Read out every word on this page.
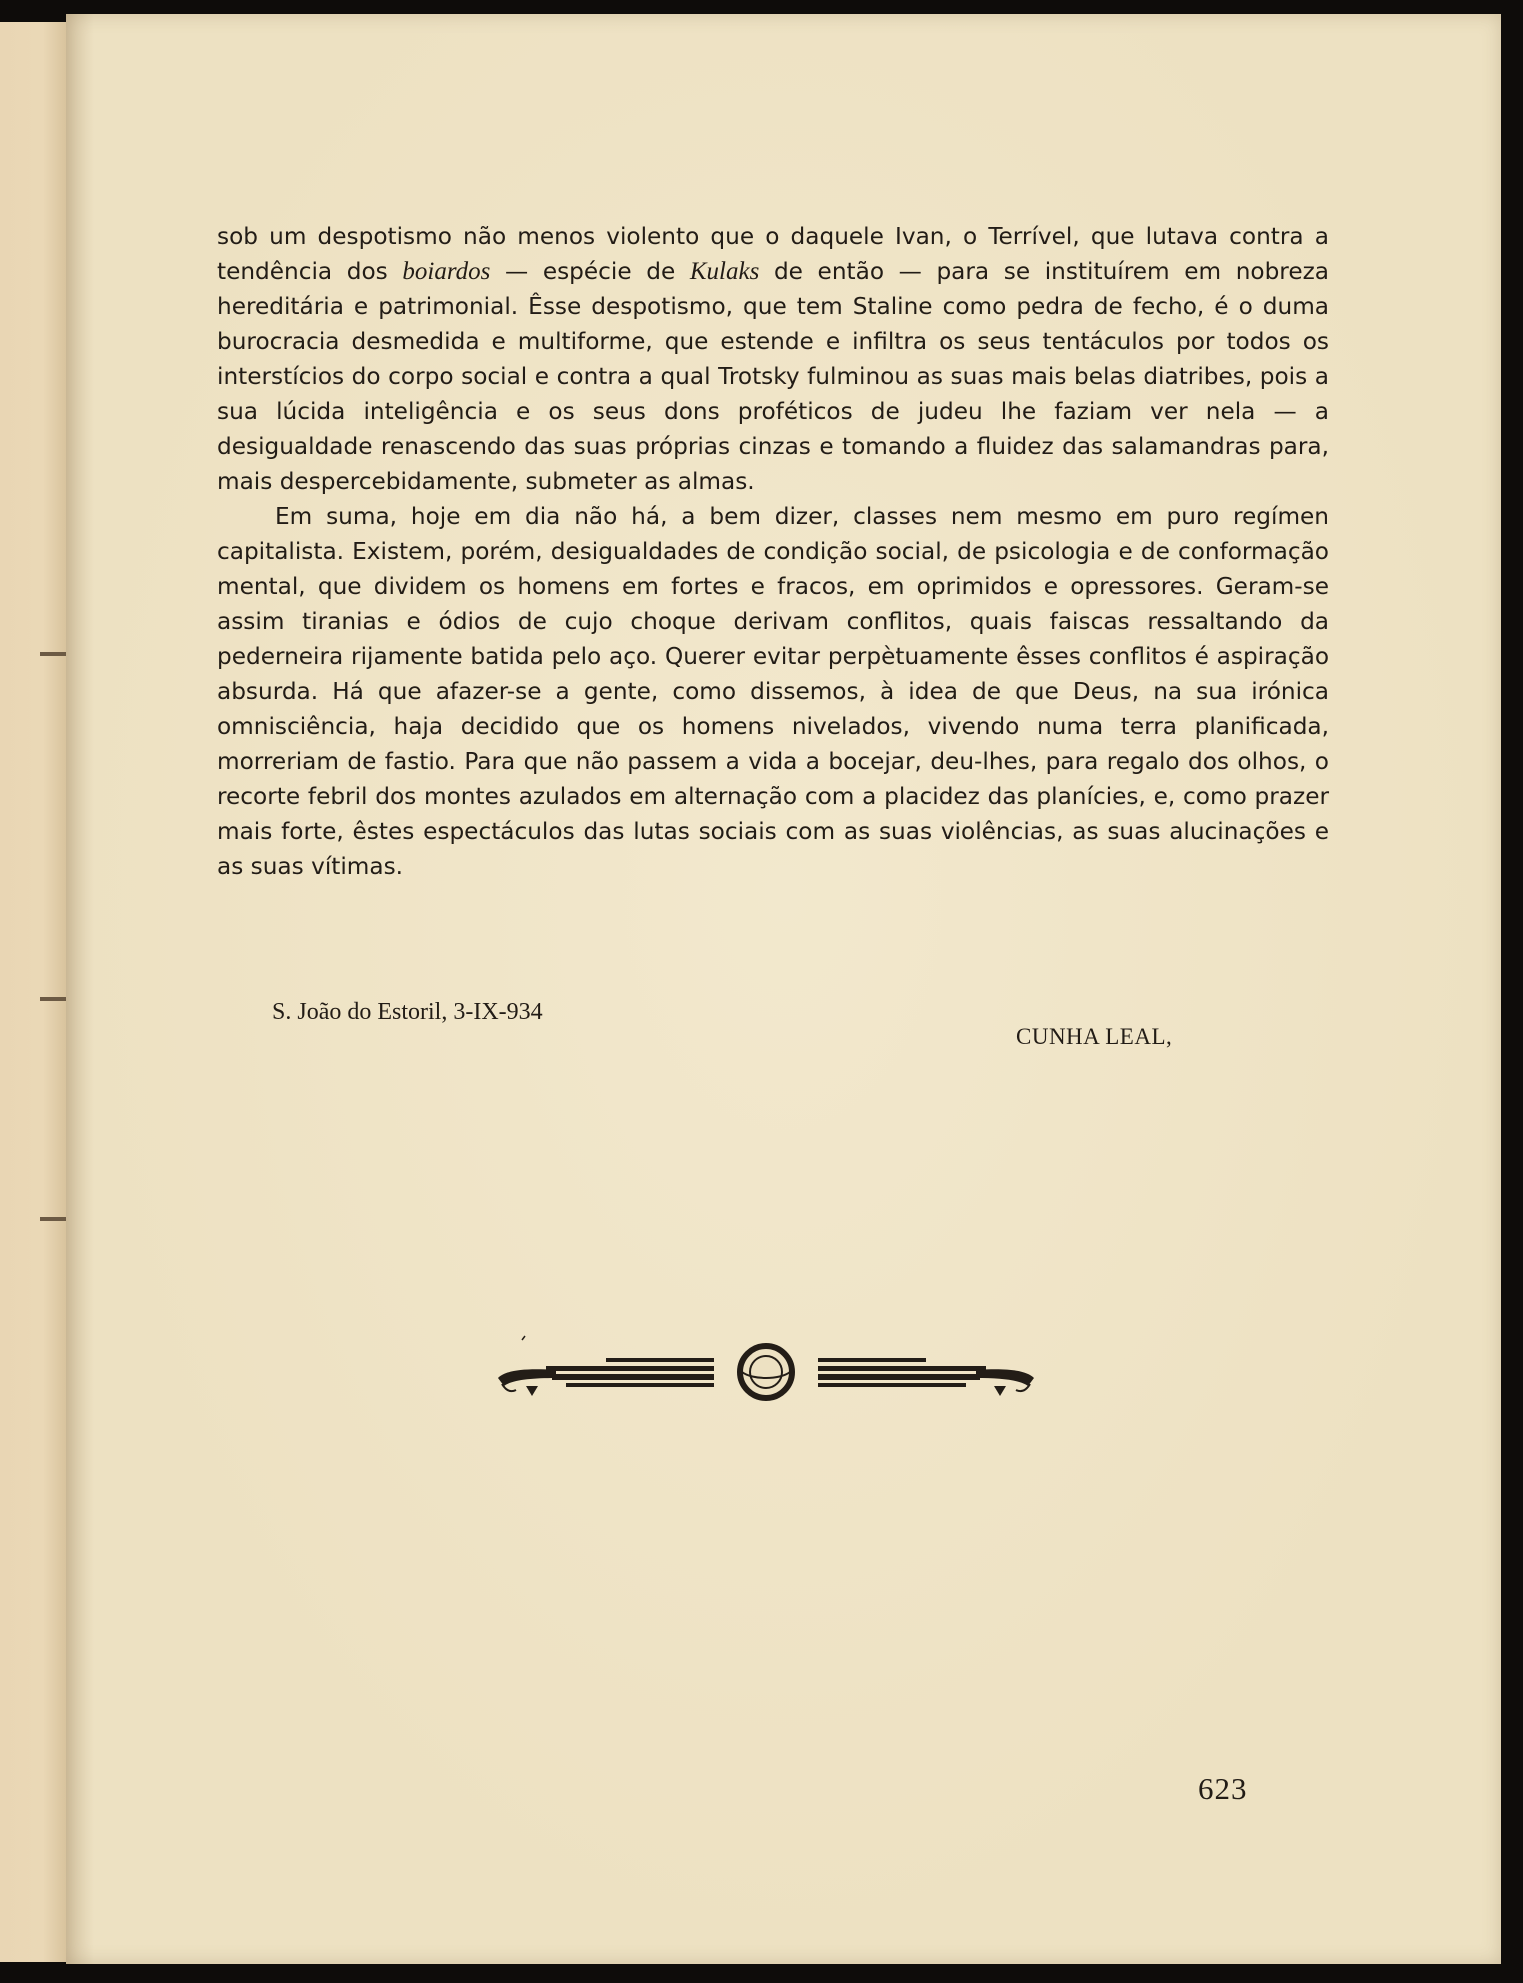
sob um despotismo não menos violento que o daquele Ivan, o Terrível, que lutava contra a tendência dos boiardos — espécie de Kulaks de então — para se instituírem em nobreza hereditária e patrimonial. Êsse despotismo, que tem Staline como pedra de fecho, é o duma burocracia desmedida e multiforme, que estende e infiltra os seus tentáculos por todos os interstícios do corpo social e contra a qual Trotsky fulminou as suas mais belas diatribes, pois a sua lúcida inteligência e os seus dons proféticos de judeu lhe faziam ver nela — a desigualdade renascendo das suas próprias cinzas e tomando a fluidez das salamandras para, mais despercebidamente, submeter as almas.

Em suma, hoje em dia não há, a bem dizer, classes nem mesmo em puro regímen capitalista. Existem, porém, desigualdades de condição social, de psicologia e de conformação mental, que dividem os homens em fortes e fracos, em oprimidos e opressores. Geram-se assim tiranias e ódios de cujo choque derivam conflitos, quais faiscas ressaltando da pederneira rijamente batida pelo aço. Querer evitar perpètuamente êsses conflitos é aspiração absurda. Há que afazer-se a gente, como dissemos, à idea de que Deus, na sua irónica omnisciência, haja decidido que os homens nivelados, vivendo numa terra planificada, morreriam de fastio. Para que não passem a vida a bocejar, deu-lhes, para regalo dos olhos, o recorte febril dos montes azulados em alternação com a placidez das planícies, e, como prazer mais forte, êstes espectáculos das lutas sociais com as suas violências, as suas alucinações e as suas vítimas.

S. João do Estoril, 3-IX-934
CUNHA LEAL,
623
